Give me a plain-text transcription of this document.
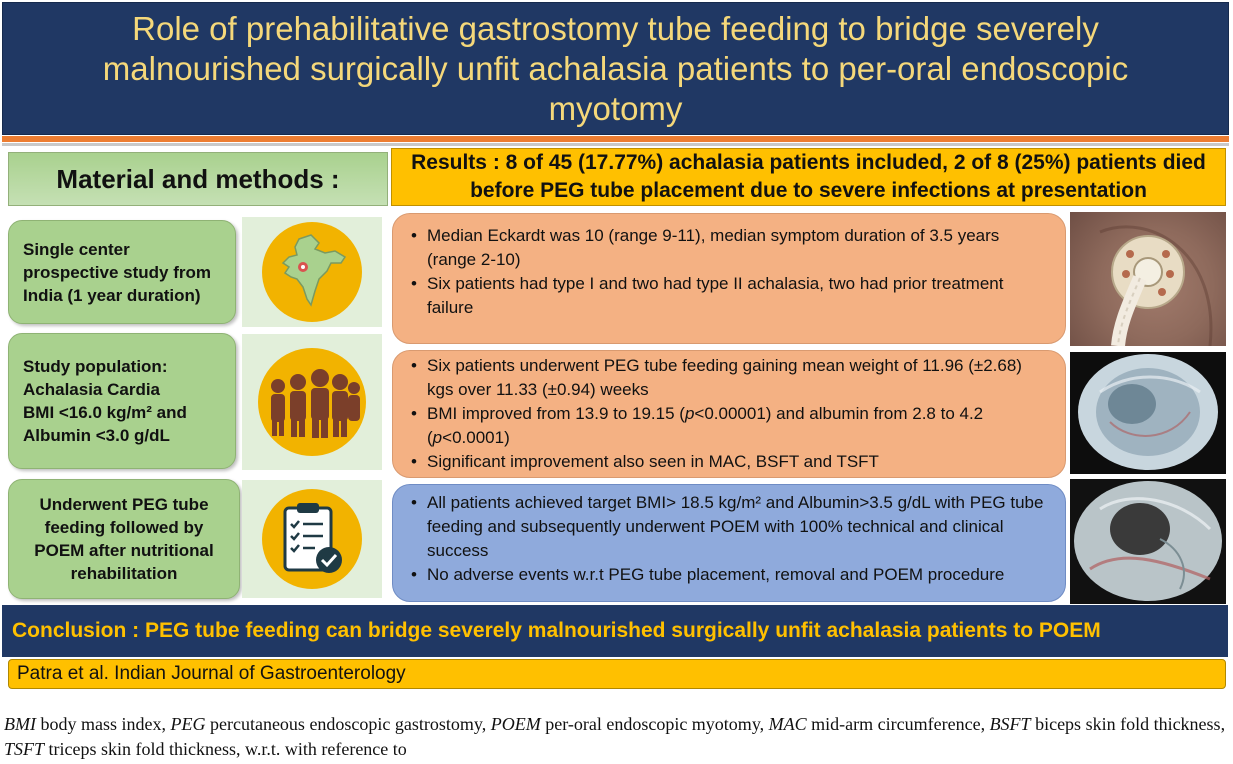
Role of prehabilitative gastrostomy tube feeding to bridge severely malnourished surgically unfit achalasia patients to per-oral endoscopic myotomy
Material and methods :
Results : 8 of 45 (17.77%) achalasia patients included, 2 of 8 (25%) patients died before PEG tube placement due to severe infections at presentation
Single center
prospective study from
India (1 year duration)
Study population:
Achalasia Cardia
BMI <16.0 kg/m² and
Albumin <3.0 g/dL
Underwent PEG tube
feeding followed by
POEM after nutritional
rehabilitation
• Median Eckardt was 10 (range 9-11), median symptom duration of 3.5 years (range 2-10)
• Six patients had type I and two had type II achalasia, two had prior treatment failure
• Six patients underwent PEG tube feeding gaining mean weight of 11.96 (±2.68) kgs over 11.33 (±0.94) weeks
• BMI improved from 13.9 to 19.15 (p<0.00001) and albumin from 2.8 to 4.2 (p<0.0001)
• Significant improvement also seen in MAC, BSFT and TSFT
• All patients achieved target BMI> 18.5 kg/m² and Albumin>3.5 g/dL with PEG tube feeding and subsequently underwent POEM with 100% technical and clinical success
• No adverse events w.r.t PEG tube placement, removal and POEM procedure
Conclusion : PEG tube feeding can bridge severely malnourished surgically unfit achalasia patients to POEM
Patra et al. Indian Journal of Gastroenterology
BMI body mass index, PEG percutaneous endoscopic gastrostomy, POEM per-oral endoscopic myotomy, MAC mid-arm circumference, BSFT biceps skin fold thickness, TSFT triceps skin fold thickness, w.r.t. with reference to
